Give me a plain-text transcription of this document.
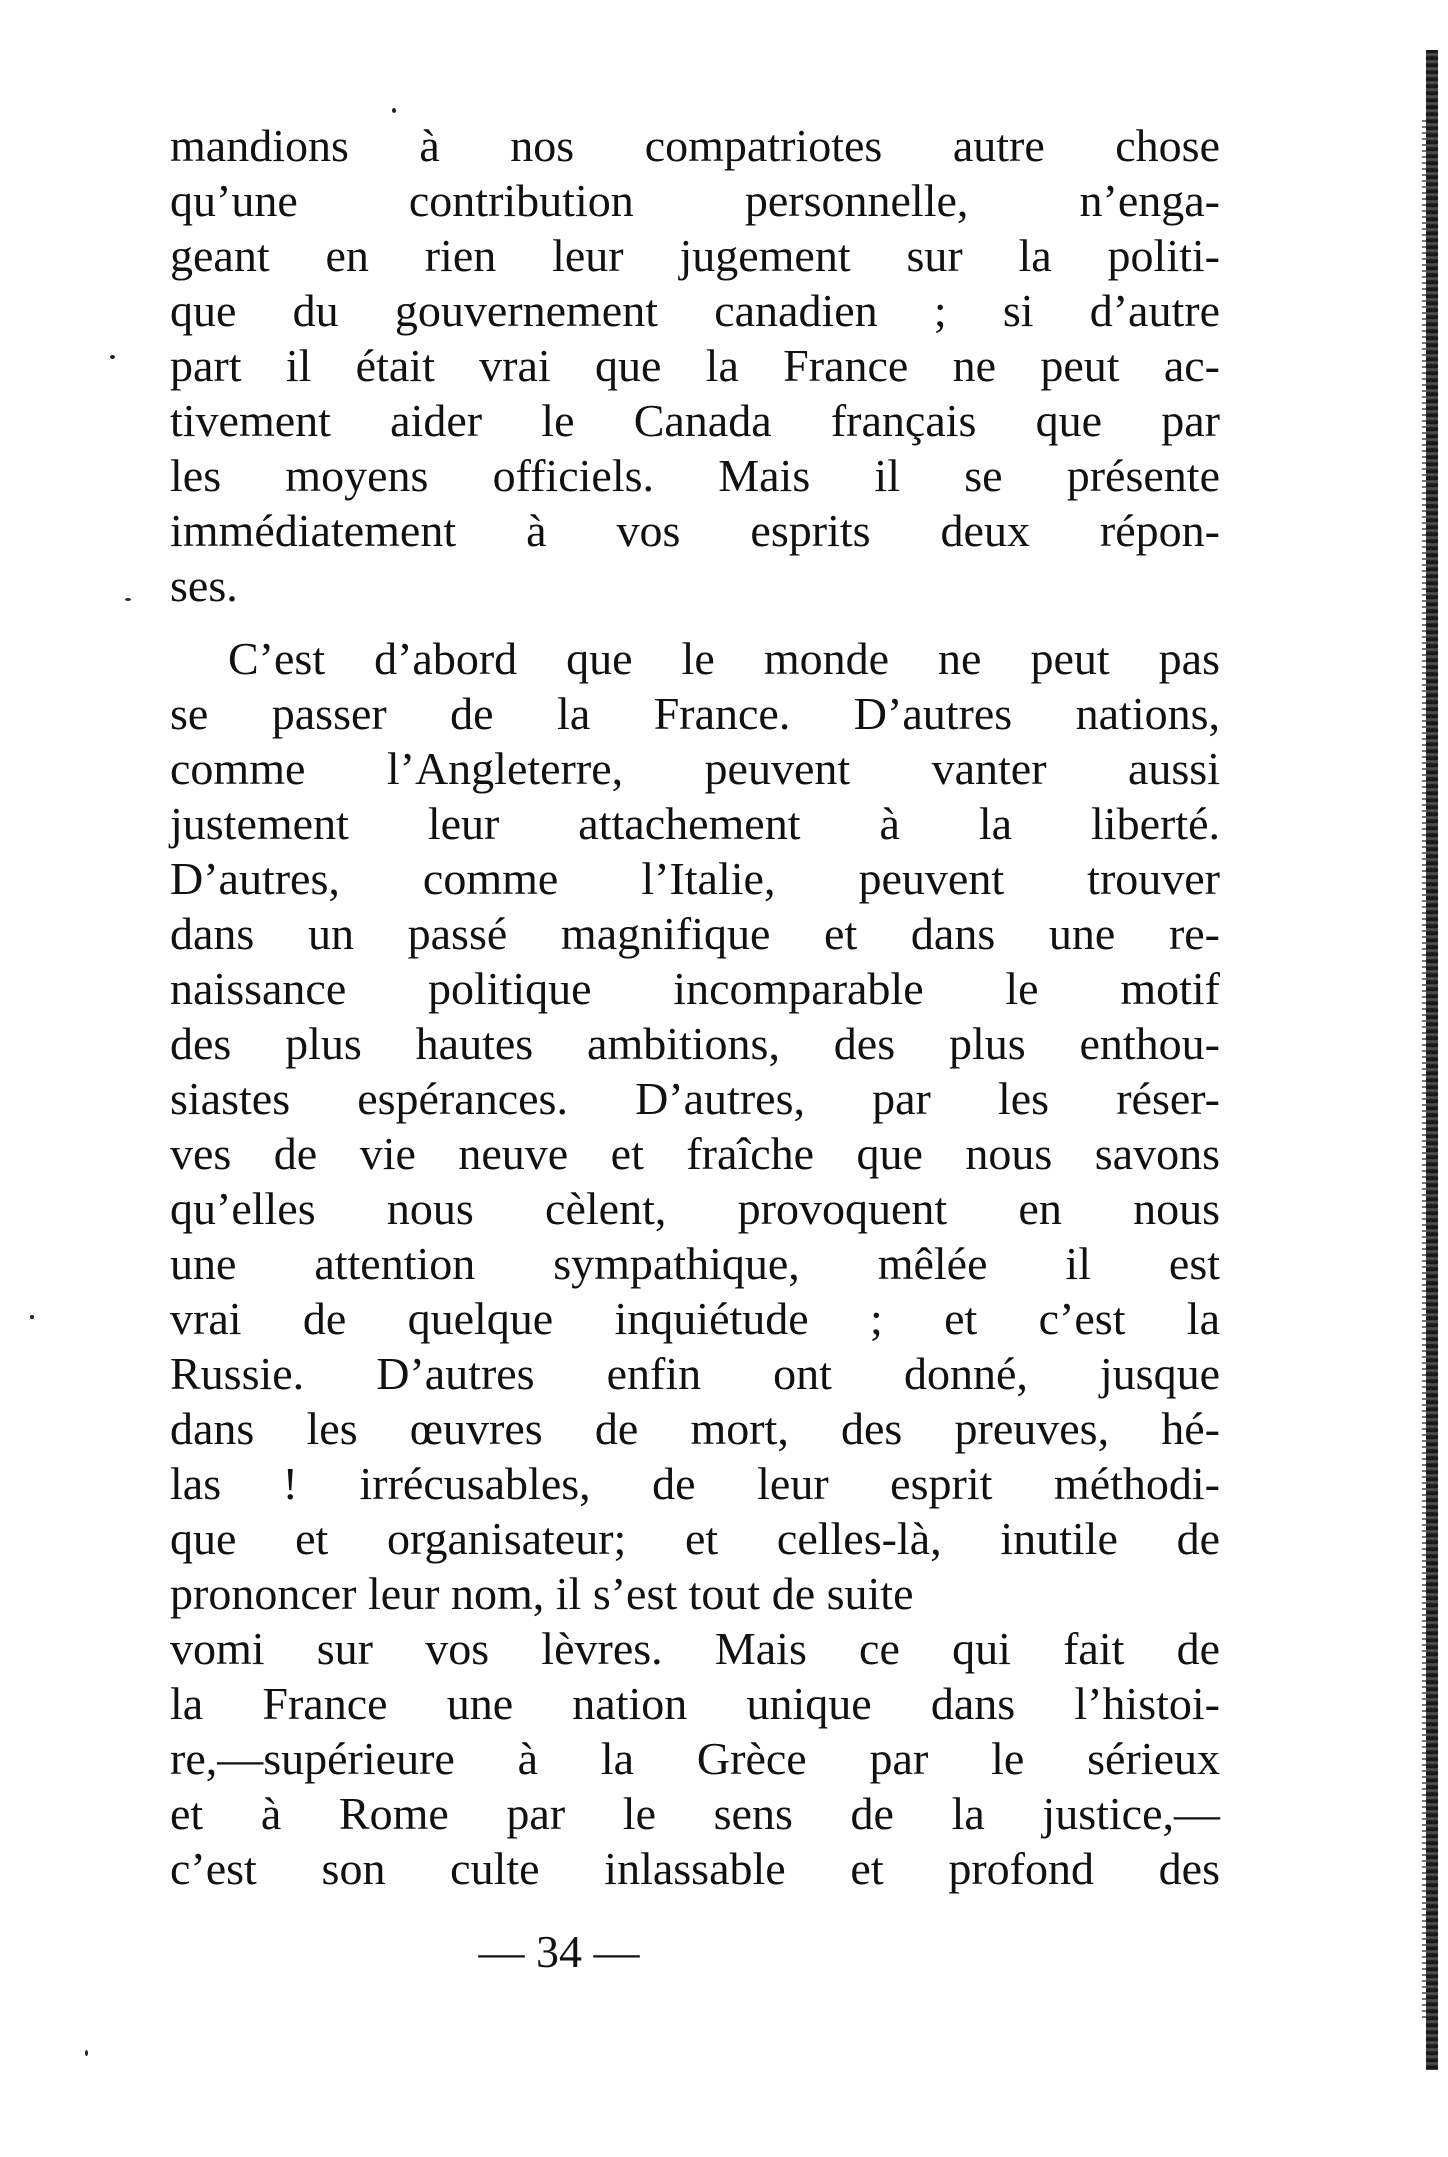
mandions à nos compatriotes autre chose
qu’une contribution personnelle, n’enga-
geant en rien leur jugement sur la politi-
que du gouvernement canadien ; si d’autre
part il était vrai que la France ne peut ac-
tivement aider le Canada français que par
les moyens officiels. Mais il se présente
immédiatement à vos esprits deux répon-
ses.
C’est d’abord que le monde ne peut pas
se passer de la France. D’autres nations,
comme l’Angleterre, peuvent vanter aussi
justement leur attachement à la liberté.
D’autres, comme l’Italie, peuvent trouver
dans un passé magnifique et dans une re-
naissance politique incomparable le motif
des plus hautes ambitions, des plus enthou-
siastes espérances. D’autres, par les réser-
ves de vie neuve et fraîche que nous savons
qu’elles nous cèlent, provoquent en nous
une attention sympathique, mêlée il est
vrai de quelque inquiétude ; et c’est la
Russie. D’autres enfin ont donné, jusque
dans les œuvres de mort, des preuves, hé-
las ! irrécusables, de leur esprit méthodi-
que et organisateur; et celles-là, inutile de
prononcer leur nom, il s’est tout de suite
vomi sur vos lèvres. Mais ce qui fait de
la France une nation unique dans l’histoi-
re,—supérieure à la Grèce par le sérieux
et à Rome par le sens de la justice,—
c’est son culte inlassable et profond des
— 34 —
